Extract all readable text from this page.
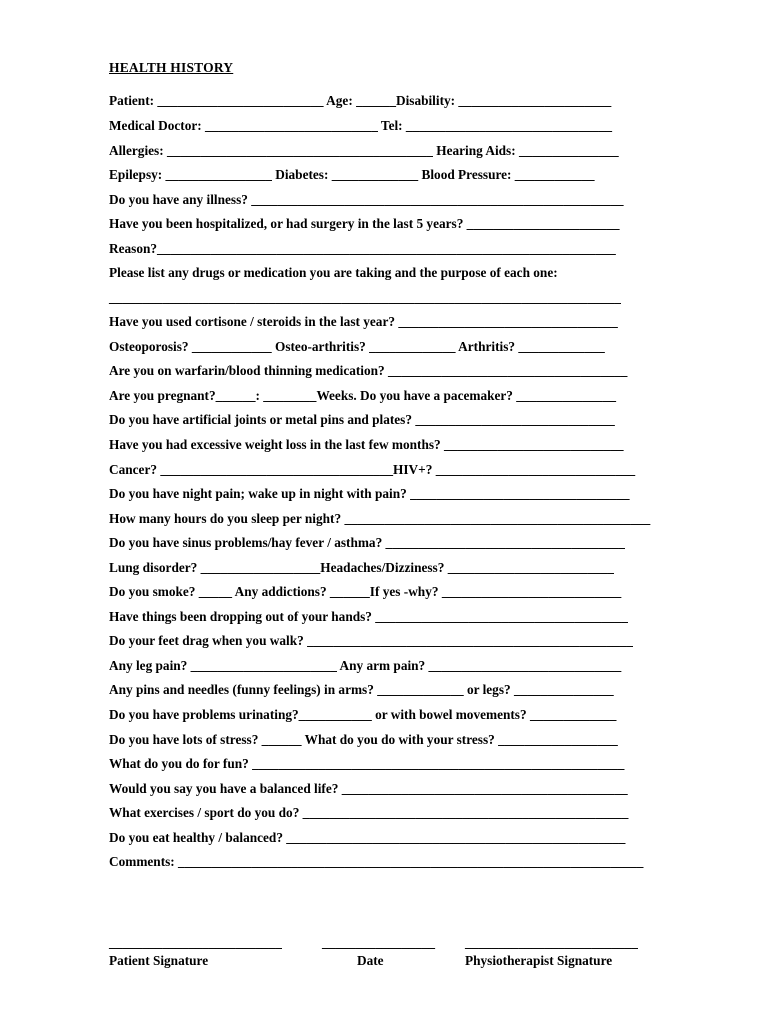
HEALTH HISTORY
Patient: _________________________ Age: ______Disability: _______________________
Medical Doctor: __________________________ Tel: _______________________________
Allergies: ________________________________________ Hearing Aids: _______________
Epilepsy: ________________ Diabetes: _____________ Blood Pressure: ____________
Do you have any illness? ________________________________________________________
Have you been hospitalized, or had surgery in the last 5 years? _______________________
Reason?_____________________________________________________________________
Please list any drugs or medication you are taking and the purpose of each one:
_____________________________________________________________________________
Have you used cortisone / steroids in the last year? _________________________________
Osteoporosis? ____________ Osteo-arthritis? _____________ Arthritis? _____________
Are you on warfarin/blood thinning medication? ____________________________________
Are you pregnant?______: ________Weeks. Do you have a pacemaker? _______________
Do you have artificial joints or metal pins and plates? ______________________________
Have you had excessive weight loss in the last few months? ___________________________
Cancer? ___________________________________HIV+? ______________________________
Do you have night pain; wake up in night with pain? _________________________________
How many hours do you sleep per night? ______________________________________________
Do you have sinus problems/hay fever / asthma? ____________________________________
Lung disorder? __________________Headaches/Dizziness? _________________________
Do you smoke? _____ Any addictions? ______If yes -why? ___________________________
Have things been dropping out of your hands? ______________________________________
Do your feet drag when you walk? _________________________________________________
Any leg pain? ______________________ Any arm pain? _____________________________
Any pins and needles (funny feelings) in arms? _____________ or legs? _______________
Do you have problems urinating?___________ or with bowel movements? _____________
Do you have lots of stress? ______ What do you do with your stress? __________________
What do you do for fun? ________________________________________________________
Would you say you have a balanced life? ___________________________________________
What exercises / sport do you do? _________________________________________________
Do you eat healthy / balanced? ___________________________________________________
Comments: ______________________________________________________________________
__________________________	_________________ __________________________
Patient Signature	Date	Physiotherapist Signature
